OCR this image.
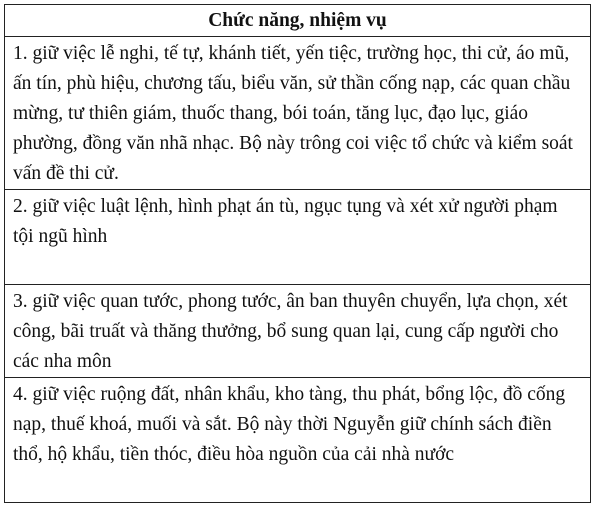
Chức năng, nhiệm vụ
1. giữ việc lễ nghi, tế tự, khánh tiết, yến tiệc, trường học, thi cử, áo mũ, ấn tín, phù hiệu, chương tấu, biểu văn, sử thần cống nạp, các quan chầu mừng, tư thiên giám, thuốc thang, bói toán, tăng lục, đạo lục, giáo phường, đồng văn nhã nhạc. Bộ này trông coi việc tổ chức và kiểm soát vấn đề thi cử.
2. giữ việc luật lệnh, hình phạt án tù, ngục tụng và xét xử người phạm tội ngũ hình
3. giữ việc quan tước, phong tước, ân ban thuyên chuyển, lựa chọn, xét công, bãi truất và thăng thưởng, bổ sung quan lại, cung cấp người cho các nha môn
4. giữ việc ruộng đất, nhân khẩu, kho tàng, thu phát, bổng lộc, đồ cống nạp, thuế khoá, muối và sắt. Bộ này thời Nguyễn giữ chính sách điền thổ, hộ khẩu, tiền thóc, điều hòa nguồn của cải nhà nước
